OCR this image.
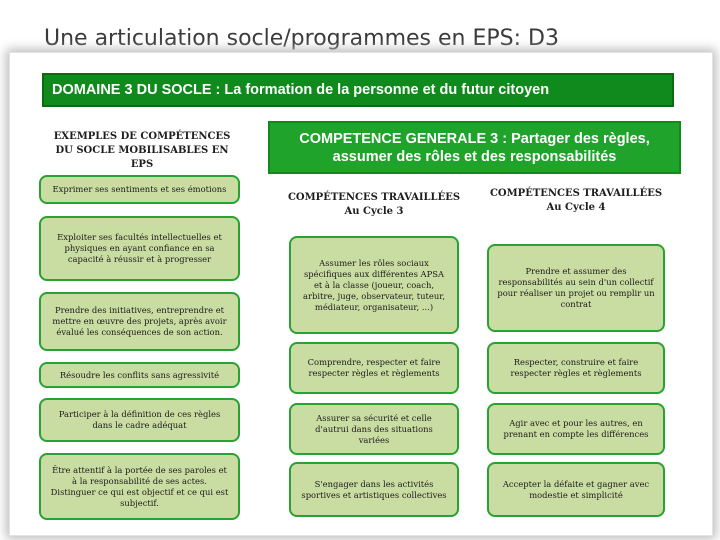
Une articulation socle/programmes en EPS: D3
DOMAINE 3 DU SOCLE : La formation de la personne et du futur citoyen
EXEMPLES DE COMPÉTENCES DU SOCLE MOBILISABLES EN EPS
Exprimer ses sentiments et ses émotions
Exploiter ses facultés intellectuelles et physiques en ayant confiance en sa capacité à réussir et à progresser
Prendre des initiatives, entreprendre et mettre en œuvre des projets, après avoir évalué les conséquences de son action.
Résoudre les conflits sans agressivité
Participer à la définition de ces règles dans le cadre adéquat
Être attentif à la portée de ses paroles et à la responsabilité de ses actes. Distinguer ce qui est objectif et ce qui est subjectif.
COMPETENCE GENERALE 3 : Partager des règles, assumer des rôles et des responsabilités
COMPÉTENCES TRAVAILLÉES
Au Cycle 3
Assumer les rôles sociaux spécifiques aux différentes APSA et à la classe (joueur, coach, arbitre, juge, observateur, tuteur, médiateur, organisateur, ...)
Comprendre, respecter et faire respecter règles et règlements
Assurer sa sécurité et celle d'autrui dans des situations variées
S'engager dans les activités sportives et artistiques collectives
COMPÉTENCES TRAVAILLÉES
Au Cycle 4
Prendre et assumer des responsabilités au sein d'un collectif pour réaliser un projet ou remplir un contrat
Respecter, construire et faire respecter règles et règlements
Agir avec et pour les autres, en prenant en compte les différences
Accepter la défaite et gagner avec modestie et simplicité
